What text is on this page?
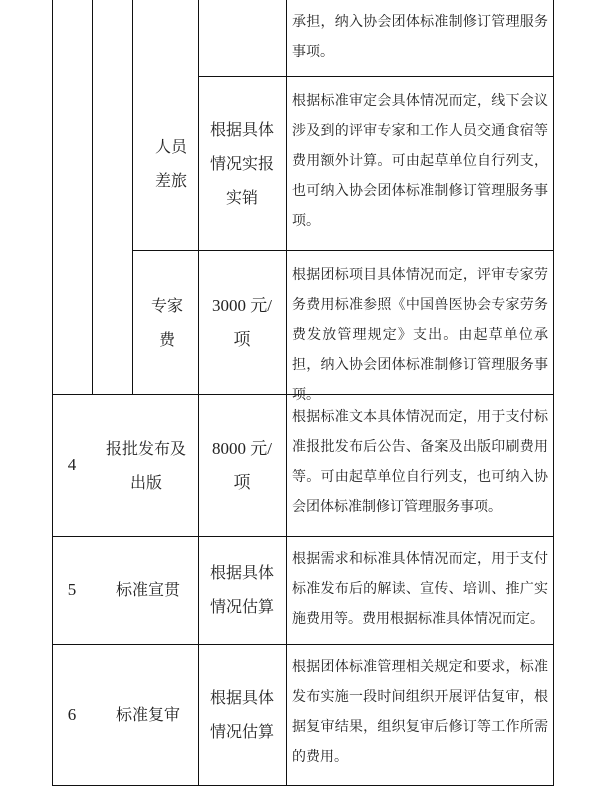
承担，纳入协会团体标准制修订管理服务事项。
人员差旅
根据具体情况实报实销
根据标准审定会具体情况而定，线下会议涉及到的评审专家和工作人员交通食宿等费用额外计算。可由起草单位自行列支，也可纳入协会团体标准制修订管理服务事项。
专家费
3000 元/项
根据团标项目具体情况而定，评审专家劳务费用标准参照《中国兽医协会专家劳务费发放管理规定》支出。由起草单位承担，纳入协会团体标准制修订管理服务事项。
4
报批发布及出版
8000 元/项
根据标准文本具体情况而定，用于支付标准报批发布后公告、备案及出版印刷费用等。可由起草单位自行列支，也可纳入协会团体标准制修订管理服务事项。
5	标准宣贯
根据具体情况估算
根据需求和标准具体情况而定，用于支付标准发布后的解读、宣传、培训、推广实施费用等。费用根据标准具体情况而定。
6	标准复审
根据具体情况估算
根据团体标准管理相关规定和要求，标准发布实施一段时间组织开展评估复审，根据复审结果，组织复审后修订等工作所需的费用。
